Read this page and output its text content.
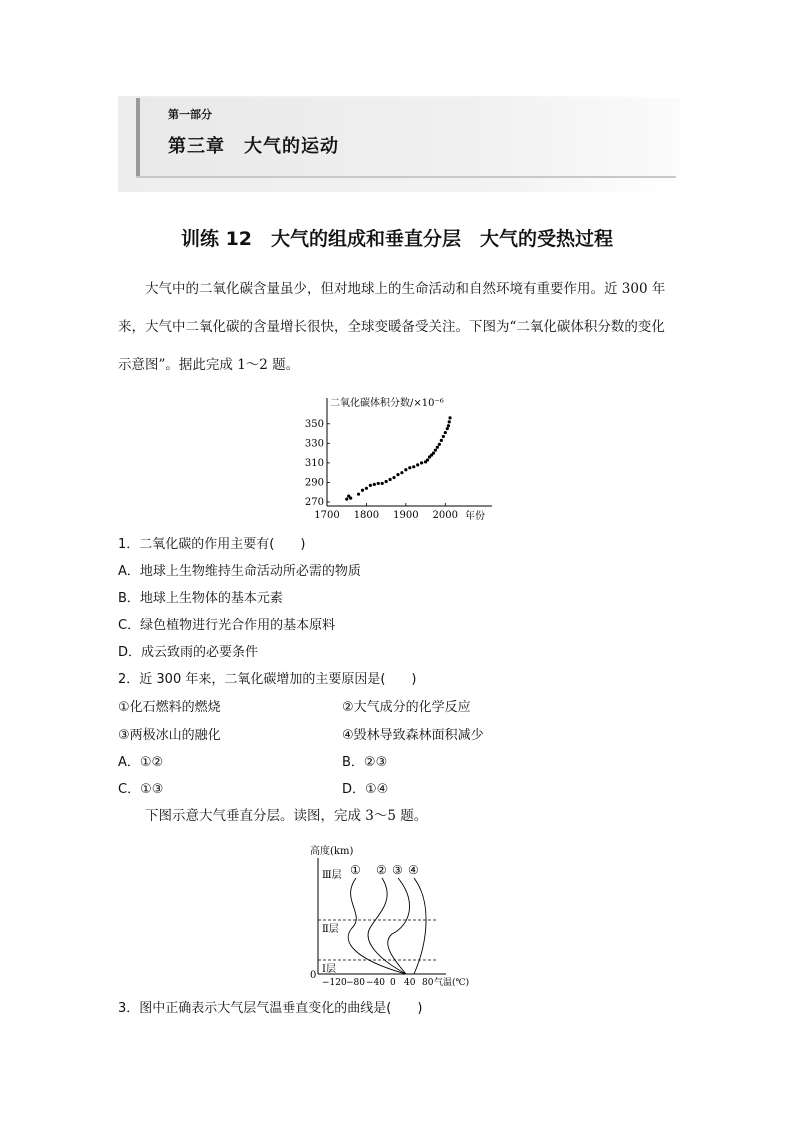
第一部分
第三章　大气的运动
训练 12　大气的组成和垂直分层　大气的受热过程
大气中的二氧化碳含量虽少，但对地球上的生命活动和自然环境有重要作用。近 300 年来，大气中二氧化碳的含量增长很快，全球变暖备受关注。下图为“二氧化碳体积分数的变化示意图”。据此完成 1～2 题。
二氧化碳体积分数/×10⁻⁶
270
290
310
330
350
1700 1800 1900 2000 年份
1．二氧化碳的作用主要有(　　)
A．地球上生物维持生命活动所必需的物质
B．地球上生物体的基本元素
C．绿色植物进行光合作用的基本原料
D．成云致雨的必要条件
2．近 300 年来，二氧化碳增加的主要原因是(　　)
①化石燃料的燃烧	②大气成分的化学反应
③两极冰山的融化	④毁林导致森林面积减少
A．①②	B．②③
C．①③	D．①④
下图示意大气垂直分层。读图，完成 3～5 题。
高度(km)
Ⅲ层
Ⅱ层
Ⅰ层
① ② ③ ④
0
−120 −80 −40 0 40 80 气温(℃)
3．图中正确表示大气层气温垂直变化的曲线是(　　)
